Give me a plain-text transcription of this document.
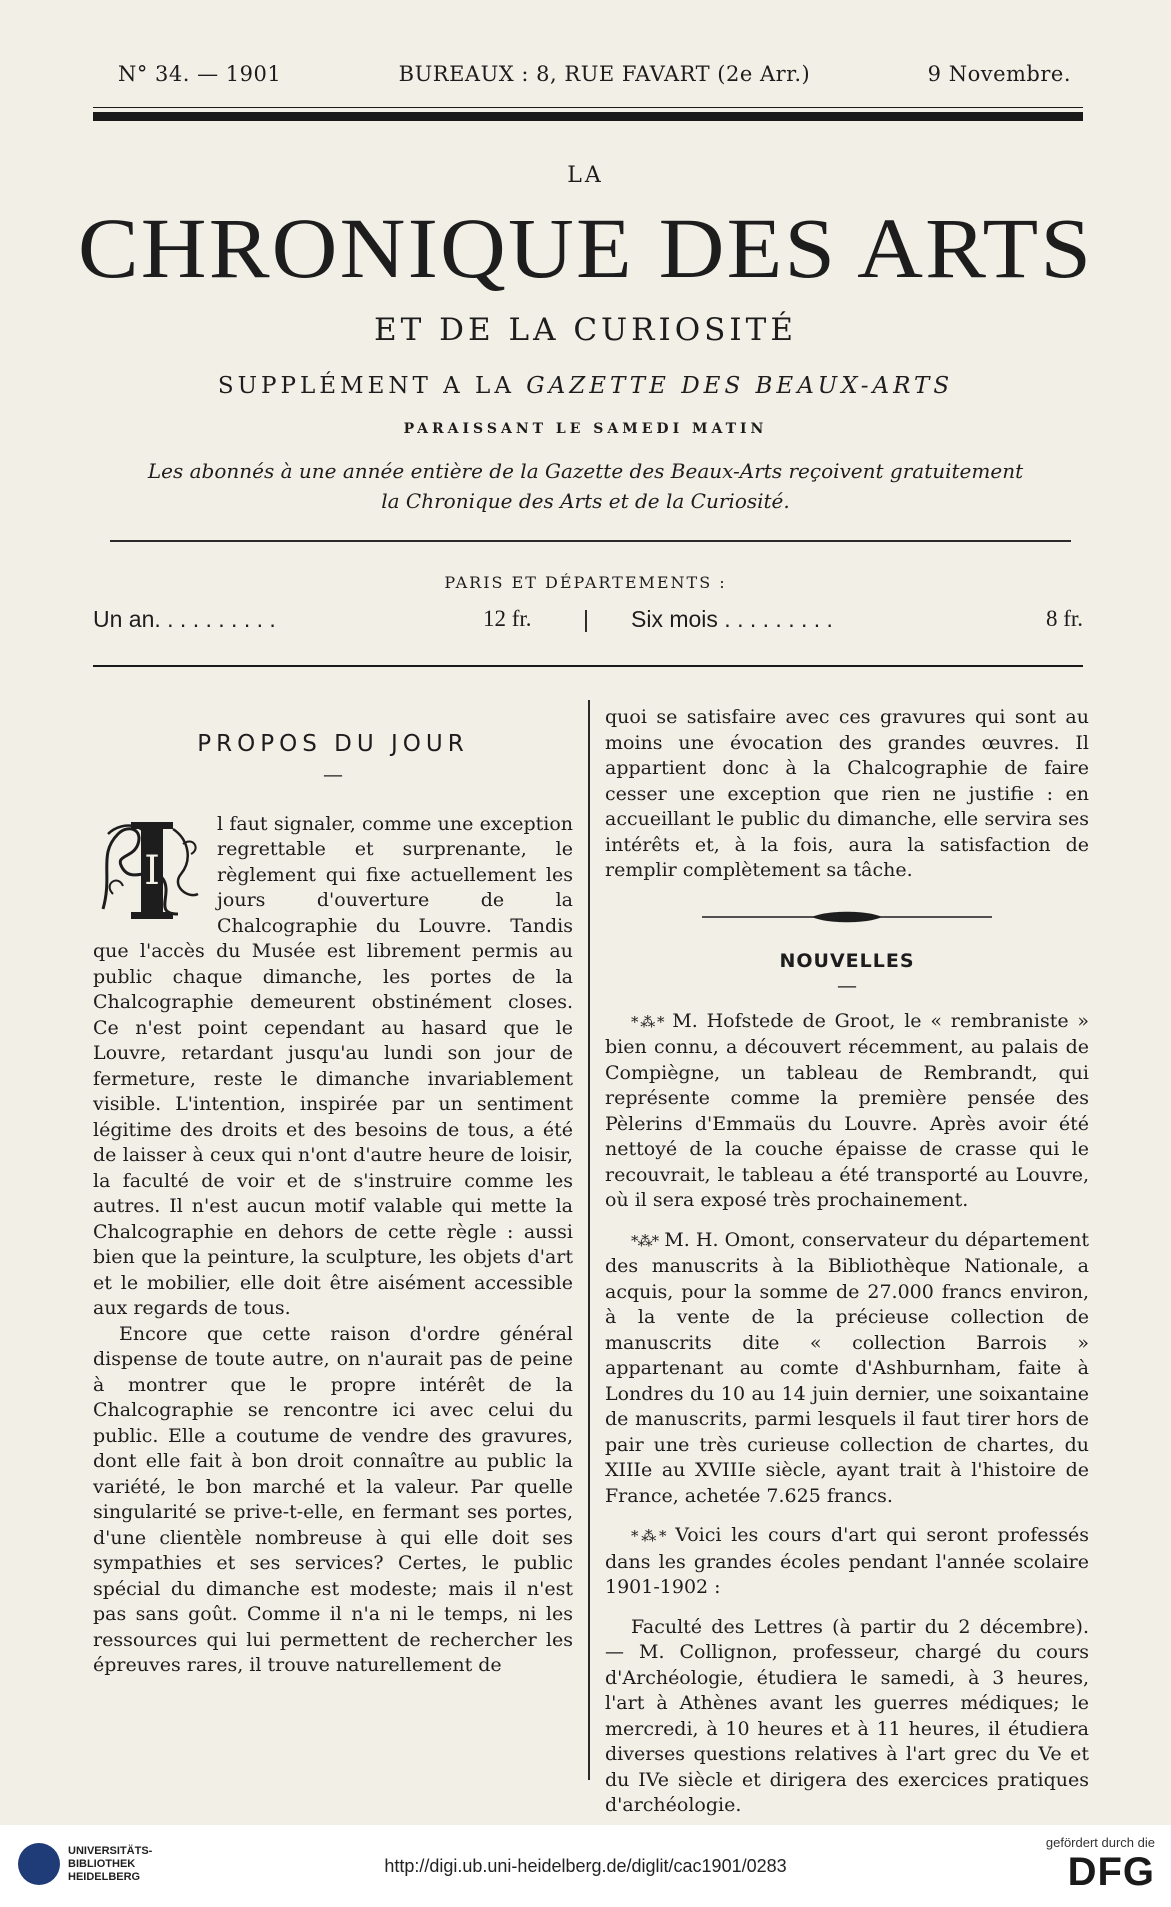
N° 34. — 1901	BUREAUX : 8, RUE FAVART (2e Arr.)	9 Novembre.
LA
CHRONIQUE DES ARTS
ET DE LA CURIOSITÉ
SUPPLÉMENT A LA GAZETTE DES BEAUX-ARTS
PARAISSANT LE SAMEDI MATIN
Les abonnés à une année entière de la Gazette des Beaux-Arts reçoivent gratuitement
la Chronique des Arts et de la Curiosité.
PARIS ET DÉPARTEMENTS :
Un an. . . . . . . . . .	12 fr. | Six mois . . . . . . . . .	8 fr.
PROPOS DU JOUR
—
I

l faut signaler, comme une exception regrettable et surprenante, le règlement qui fixe actuellement les jours d'ouverture de la Chalcographie du Louvre. Tandis que l'accès du Musée est librement permis au public chaque dimanche, les portes de la Chalcographie demeurent obstinément closes. Ce n'est point cependant au hasard que le Louvre, retardant jusqu'au lundi son jour de fermeture, reste le dimanche invariablement visible. L'intention, inspirée par un sentiment légitime des droits et des besoins de tous, a été de laisser à ceux qui n'ont d'autre heure de loisir, la faculté de voir et de s'instruire comme les autres. Il n'est aucun motif valable qui mette la Chalcographie en dehors de cette règle : aussi bien que la peinture, la sculpture, les objets d'art et le mobilier, elle doit être aisément accessible aux regards de tous.

Encore que cette raison d'ordre général dispense de toute autre, on n'aurait pas de peine à montrer que le propre intérêt de la Chalcographie se rencontre ici avec celui du public. Elle a coutume de vendre des gravures, dont elle fait à bon droit connaître au public la variété, le bon marché et la valeur. Par quelle singularité se prive-t-elle, en fermant ses portes, d'une clientèle nombreuse à qui elle doit ses sympathies et ses services? Certes, le public spécial du dimanche est modeste; mais il n'est pas sans goût. Comme il n'a ni le temps, ni les ressources qui lui permettent de rechercher les épreuves rares, il trouve naturellement de

quoi se satisfaire avec ces gravures qui sont au moins une évocation des grandes œuvres. Il appartient donc à la Chalcographie de faire cesser une exception que rien ne justifie : en accueillant le public du dimanche, elle servira ses intérêts et, à la fois, aura la satisfaction de remplir complètement sa tâche.

NOUVELLES
—

*⁂* M. Hofstede de Groot, le « rembraniste » bien connu, a découvert récemment, au palais de Compiègne, un tableau de Rembrandt, qui représente comme la première pensée des Pèlerins d'Emmaüs du Louvre. Après avoir été nettoyé de la couche épaisse de crasse qui le recouvrait, le tableau a été transporté au Louvre, où il sera exposé très prochainement.

*⁂* M. H. Omont, conservateur du département des manuscrits à la Bibliothèque Nationale, a acquis, pour la somme de 27.000 francs environ, à la vente de la précieuse collection de manuscrits dite « collection Barrois » appartenant au comte d'Ashburnham, faite à Londres du 10 au 14 juin dernier, une soixantaine de manuscrits, parmi lesquels il faut tirer hors de pair une très curieuse collection de chartes, du XIIIe au XVIIIe siècle, ayant trait à l'histoire de France, achetée 7.625 francs.

*⁂* Voici les cours d'art qui seront professés dans les grandes écoles pendant l'année scolaire 1901-1902 :

Faculté des Lettres (à partir du 2 décembre). — M. Collignon, professeur, chargé du cours d'Archéologie, étudiera le samedi, à 3 heures, l'art à Athènes avant les guerres médiques; le mercredi, à 10 heures et à 11 heures, il étudiera diverses questions relatives à l'art grec du Ve et du IVe siècle et dirigera des exercices pratiques d'archéologie.

UNIVERSITÄTS-
BIBLIOTHEK
HEIDELBERG
http://digi.ub.uni-heidelberg.de/diglit/cac1901/0283
gefördert durch die
DFG
